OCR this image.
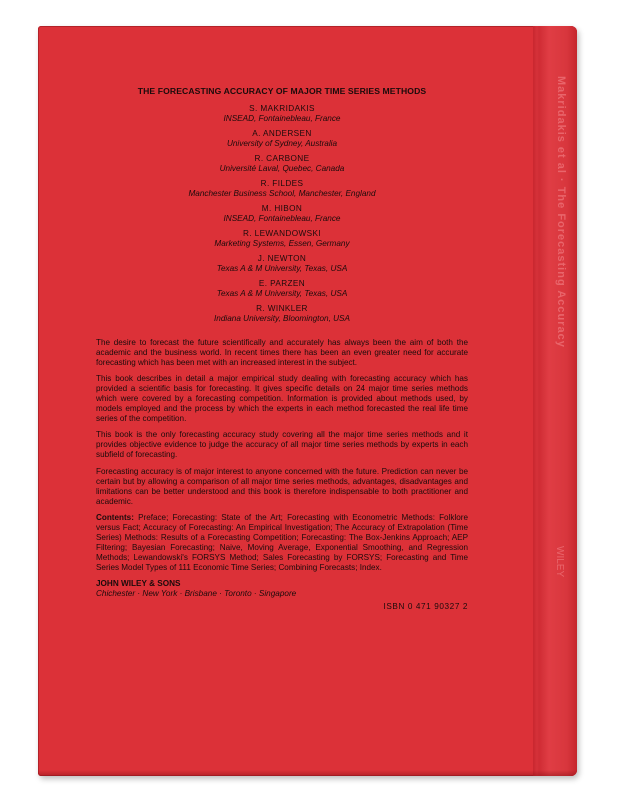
Makridakis et al · The Forecasting Accuracy
WILEY
THE FORECASTING ACCURACY OF MAJOR TIME SERIES METHODS
S. MAKRIDAKIS
INSEAD, Fontainebleau, France
A. ANDERSEN
University of Sydney, Australia
R. CARBONE
Université Laval, Quebec, Canada
R. FILDES
Manchester Business School, Manchester, England
M. HIBON
INSEAD, Fontainebleau, France
R. LEWANDOWSKI
Marketing Systems, Essen, Germany
J. NEWTON
Texas A & M University, Texas, USA
E. PARZEN
Texas A & M University, Texas, USA
R. WINKLER
Indiana University, Bloomington, USA

The desire to forecast the future scientifically and accurately has always been the aim of both the academic and the business world. In recent times there has been an even greater need for accurate forecasting which has been met with an increased interest in the subject.

This book describes in detail a major empirical study dealing with forecasting accuracy which has provided a scientific basis for forecasting. It gives specific details on 24 major time series methods which were covered by a forecasting competition. Information is provided about methods used, by models employed and the process by which the experts in each method forecasted the real life time series of the competition.

This book is the only forecasting accuracy study covering all the major time series methods and it provides objective evidence to judge the accuracy of all major time series methods by experts in each subfield of forecasting.

Forecasting accuracy is of major interest to anyone concerned with the future. Prediction can never be certain but by allowing a comparison of all major time series methods, advantages, disadvantages and limitations can be better understood and this book is therefore indispensable to both practitioner and academic.

Contents: Preface; Forecasting: State of the Art; Forecasting with Econometric Methods: Folklore versus Fact; Accuracy of Forecasting: An Empirical Investigation; The Accuracy of Extrapolation (Time Series) Methods: Results of a Forecasting Competition; Forecasting: The Box-Jenkins Approach; AEP Filtering; Bayesian Forecasting; Naive, Moving Average, Exponential Smoothing, and Regression Methods; Lewandowski's FORSYS Method; Sales Forecasting by FORSYS; Forecasting and Time Series Model Types of 111 Economic Time Series; Combining Forecasts; Index.

JOHN WILEY & SONS
Chichester · New York · Brisbane · Toronto · Singapore
ISBN 0 471 90327 2
